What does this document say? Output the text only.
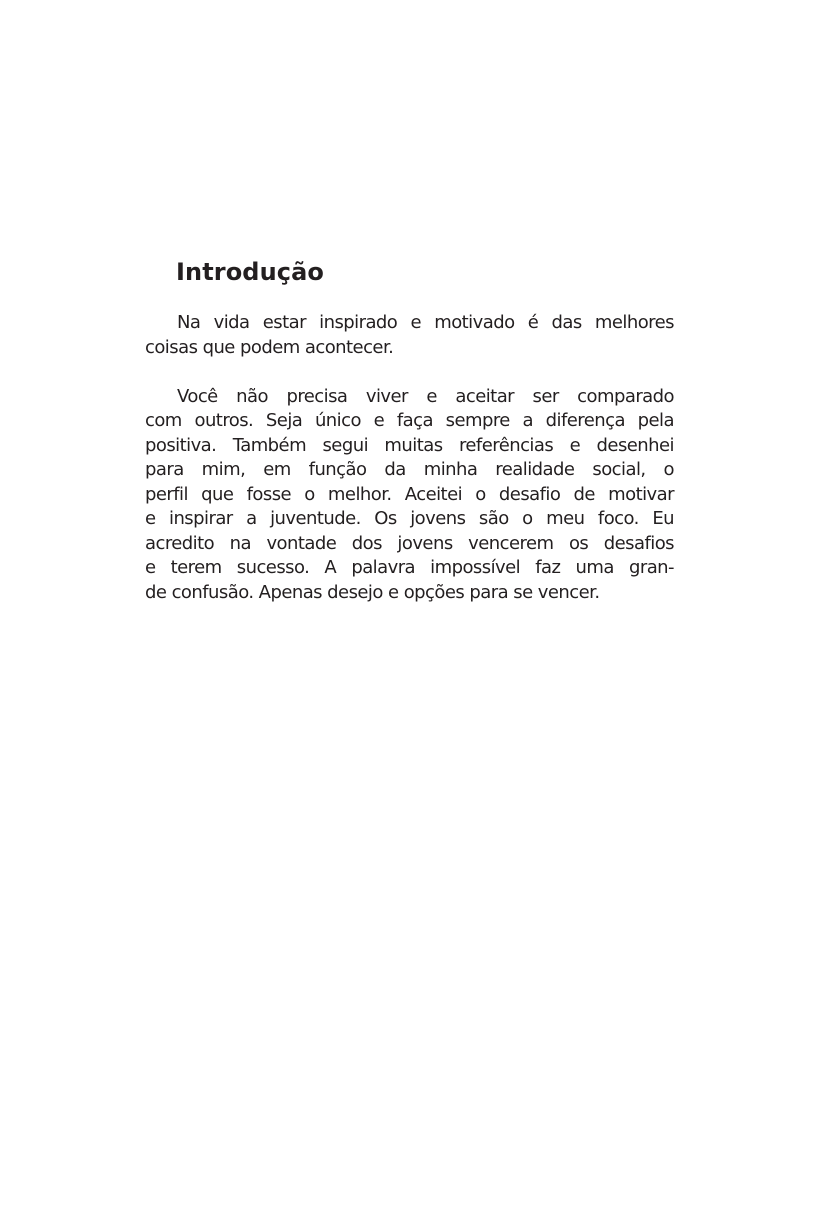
Introdução

Na vida estar inspirado e motivado é das melhores
coisas que podem acontecer.

Você não precisa viver e aceitar ser comparado
com outros. Seja único e faça sempre a diferença pela
positiva. Também segui muitas referências e desenhei
para mim, em função da minha realidade social, o
perfil que fosse o melhor. Aceitei o desafio de motivar
e inspirar a juventude. Os jovens são o meu foco. Eu
acredito na vontade dos jovens vencerem os desafios
e terem sucesso. A palavra impossível faz uma gran-
de confusão. Apenas desejo e opções para se vencer.
